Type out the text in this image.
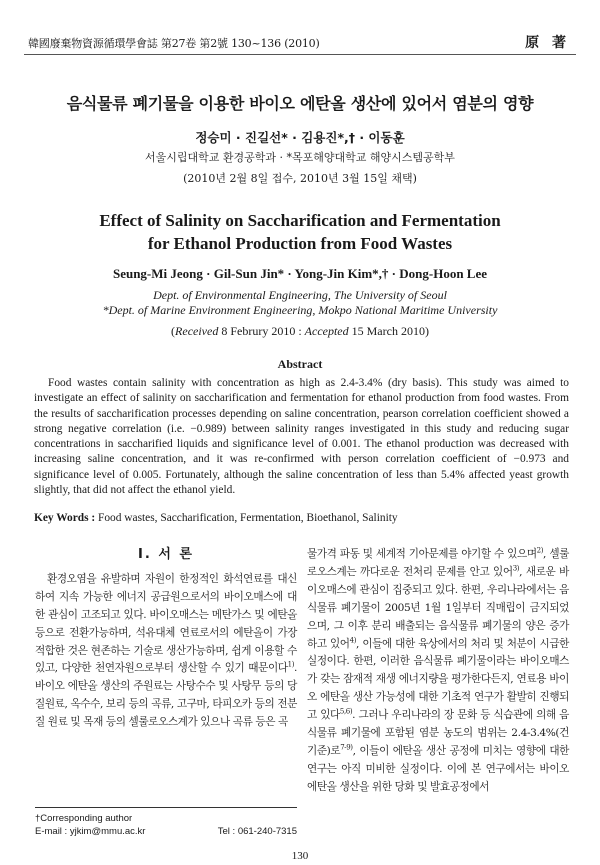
韓國廢棄物資源循環學會誌 第27卷 第2號 130~136 (2010)	原 著
음식물류 폐기물을 이용한 바이오 에탄올 생산에 있어서 염분의 영향
정승미 · 진길선* · 김용진*,† · 이동훈
서울시립대학교 환경공학과 · *목포해양대학교 해양시스템공학부
(2010년 2월 8일 접수, 2010년 3월 15일 채택)
Effect of Salinity on Saccharification and Fermentation
for Ethanol Production from Food Wastes
Seung-Mi Jeong · Gil-Sun Jin* · Yong-Jin Kim*,† · Dong-Hoon Lee
Dept. of Environmental Engineering, The University of Seoul
*Dept. of Marine Environment Engineering, Mokpo National Maritime University
(Received 8 Februry 2010 : Accepted 15 March 2010)
Abstract
Food wastes contain salinity with concentration as high as 2.4-3.4% (dry basis). This study was aimed to investigate an effect of salinity on saccharification and fermentation for ethanol production from food wastes. From the results of saccharification processes depending on saline concentration, pearson correlation coefficient showed a strong negative correlation (i.e. −0.989) between salinity ranges investigated in this study and reducing sugar concentrations in saccharified liquids and significance level of 0.001. The ethanol production was decreased with increasing saline concentration, and it was re-confirmed with person correlation coefficient of −0.973 and significance level of 0.005. Fortunately, although the saline concentration of less than 5.4% affected yeast growth slightly, that did not affect the ethanol yield.
Key Words : Food wastes, Saccharification, Fermentation, Bioethanol, Salinity
I. 서 론

환경오염을 유발하며 자원이 한정적인 화석연료를 대신하여 지속 가능한 에너지 공급원으로서의 바이오매스에 대한 관심이 고조되고 있다. 바이오매스는 메탄가스 및 에탄올 등으로 전환가능하며, 석유대체 연료로서의 에탄올이 가장 적합한 것은 현존하는 기술로 생산가능하며, 쉽게 이용할 수 있고, 다양한 천연자원으로부터 생산할 수 있기 때문이다$^{1)}$. 바이오 에탄올 생산의 주원료는 사탕수수 및 사탕무 등의 당질원료, 옥수수, 보리 등의 곡류, 고구마, 타피오카 등의 전분질 원료 및 목재 등의 셀룰로오스계가 있으나 곡류 등은 곡

물가격 파동 및 세계적 기아문제를 야기할 수 있으며$^{2)}$, 셀룰로오스계는 까다로운 전처리 문제를 안고 있어$^{3)}$, 새로운 바이오매스에 관심이 집중되고 있다. 한편, 우리나라에서는 음식물류 폐기물이 2005년 1월 1일부터 직매립이 금지되었으며, 그 이후 분리 배출되는 음식물류 폐기물의 양은 증가하고 있어$^{4)}$, 이들에 대한 육상에서의 처리 및 처분이 시급한 실정이다. 한편, 이러한 음식물류 폐기물이라는 바이오매스가 갖는 잠재적 재생 에너지량을 평가한다든지, 연료용 바이오 에탄올 생산 가능성에 대한 기초적 연구가 활발히 진행되고 있다$^{5,6)}$. 그러나 우리나라의 장 문화 등 식습관에 의해 음식물류 폐기물에 포함된 염분 농도의 범위는 2.4-3.4%(건기준)로$^{7-9)}$, 이들이 에탄올 생산 공정에 미치는 영향에 대한 연구는 아직 미비한 실정이다. 이에 본 연구에서는 바이오 에탄올 생산을 위한 당화 및 발효공정에서

†Corresponding author
E-mail : yjkim@mmu.ac.kr	Tel : 061-240-7315
130
